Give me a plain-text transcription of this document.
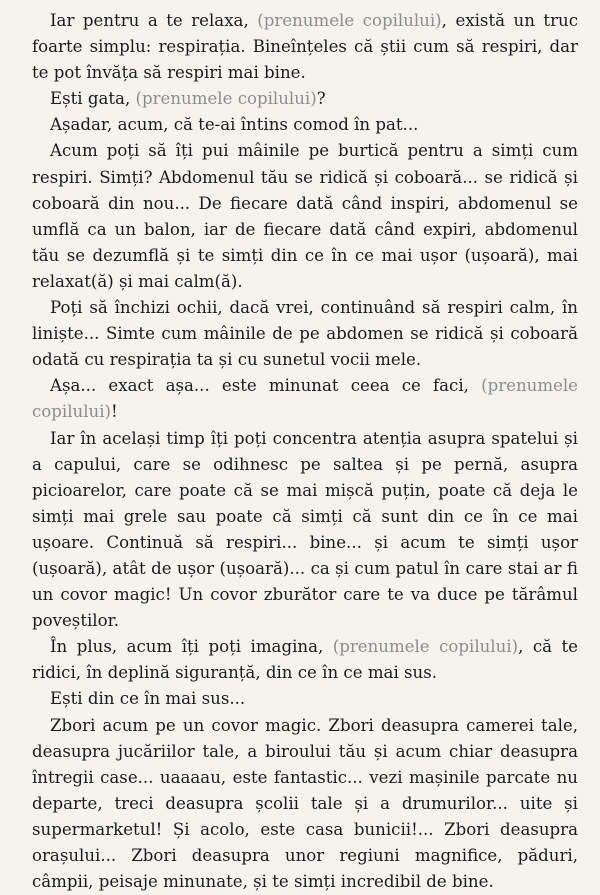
Iar pentru a te relaxa, (prenumele copilului), există un truc foarte simplu: respirația. Bineînțeles că știi cum să respiri, dar te pot învăța să respiri mai bine.

Ești gata, (prenumele copilului)?

Așadar, acum, că te-ai întins comod în pat...

Acum poți să îți pui mâinile pe burtică pentru a simți cum respiri. Simți? Abdomenul tău se ridică și coboară... se ridică și coboară din nou... De fiecare dată când inspiri, abdomenul se umflă ca un balon, iar de fiecare dată când expiri, abdomenul tău se dezumflă și te simți din ce în ce mai ușor (ușoară), mai relaxat(ă) și mai calm(ă).

Poți să închizi ochii, dacă vrei, continuând să respiri calm, în liniște... Simte cum mâinile de pe abdomen se ridică și coboară odată cu respirația ta și cu sunetul vocii mele.

Așa... exact așa... este minunat ceea ce faci, (prenumele copilului)!

Iar în același timp îți poți concentra atenția asupra spatelui și a capului, care se odihnesc pe saltea și pe pernă, asupra picioarelor, care poate că se mai mișcă puțin, poate că deja le simți mai grele sau poate că simți că sunt din ce în ce mai ușoare. Continuă să respiri... bine... și acum te simți ușor (ușoară), atât de ușor (ușoară)... ca și cum patul în care stai ar fi un covor magic! Un covor zburător care te va duce pe tărâmul poveștilor.

În plus, acum îți poți imagina, (prenumele copilului), că te ridici, în deplină siguranță, din ce în ce mai sus.

Ești din ce în mai sus...

Zbori acum pe un covor magic. Zbori deasupra camerei tale, deasupra jucăriilor tale, a biroului tău și acum chiar deasupra întregii case... uaaaau, este fantastic... vezi mașinile parcate nu departe, treci deasupra școlii tale și a drumurilor... uite și supermarketul! Și acolo, este casa bunicii!... Zbori deasupra orașului... Zbori deasupra unor regiuni magnifice, păduri, câmpii, peisaje minunate, și te simți incredibil de bine.
